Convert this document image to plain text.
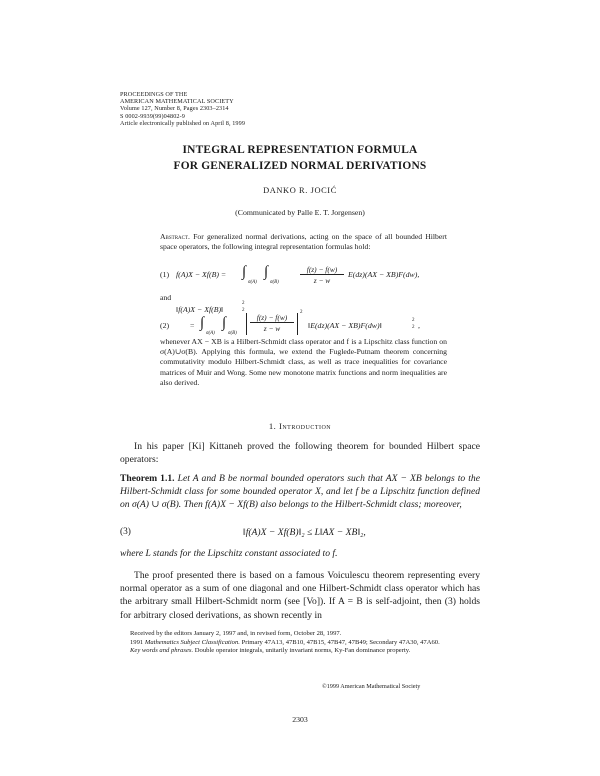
PROCEEDINGS OF THE
AMERICAN MATHEMATICAL SOCIETY
Volume 127, Number 8, Pages 2303–2314
S 0002-9939(99)04802-9
Article electronically published on April 8, 1999
INTEGRAL REPRESENTATION FORMULA
FOR GENERALIZED NORMAL DERIVATIONS
DANKO R. JOCIĆ
(Communicated by Palle E. T. Jorgensen)
Abstract. For generalized normal derivations, acting on the space of all bounded Hilbert space operators, the following integral representation formulas hold:
(1) f(A)X − Xf(B) = ∫
σ(A)
∫
σ(B)
f(z) − f(w)
z − w
E(dz)(AX − XB)F(dw),
and
‖f(A)X − Xf(B)‖
2
2
(2)	= ∫
σ(A)
∫
σ(B)
f(z) − f(w)
z − w
2
‖E(dz)(AX − XB)F(dw)‖
2
2 ,
whenever AX − XB is a Hilbert-Schmidt class operator and f is a Lipschitz class function on σ(A)∪σ(B). Applying this formula, we extend the Fuglede-Putnam theorem concerning commutativity modulo Hilbert-Schmidt class, as well as trace inequalities for covariance matrices of Muir and Wong. Some new monotone matrix functions and norm inequalities are also derived.
1. Introduction
In his paper [Ki] Kittaneh proved the following theorem for bounded Hilbert space operators:
Theorem 1.1. Let A and B be normal bounded operators such that AX − XB belongs to the Hilbert-Schmidt class for some bounded operator X, and let f be a Lipschitz function defined on σ(A) ∪ σ(B). Then f(A)X − Xf(B) also belongs to the Hilbert-Schmidt class; moreover,
(3)	‖f(A)X − Xf(B)‖₂ ≤ L‖AX − XB‖₂,
where L stands for the Lipschitz constant associated to f.
The proof presented there is based on a famous Voiculescu theorem representing every normal operator as a sum of one diagonal and one Hilbert-Schmidt class operator which has the arbitrary small Hilbert-Schmidt norm (see [Vo]). If A = B is self-adjoint, then (3) holds for arbitrary closed derivations, as shown recently in
Received by the editors January 2, 1997 and, in revised form, October 28, 1997.
1991 Mathematics Subject Classification. Primary 47A13, 47B10, 47B15, 47B47, 47B49; Secondary 47A30, 47A60.
Key words and phrases. Double operator integrals, unitarily invariant norms, Ky-Fan dominance property.
©1999 American Mathematical Society
2303
